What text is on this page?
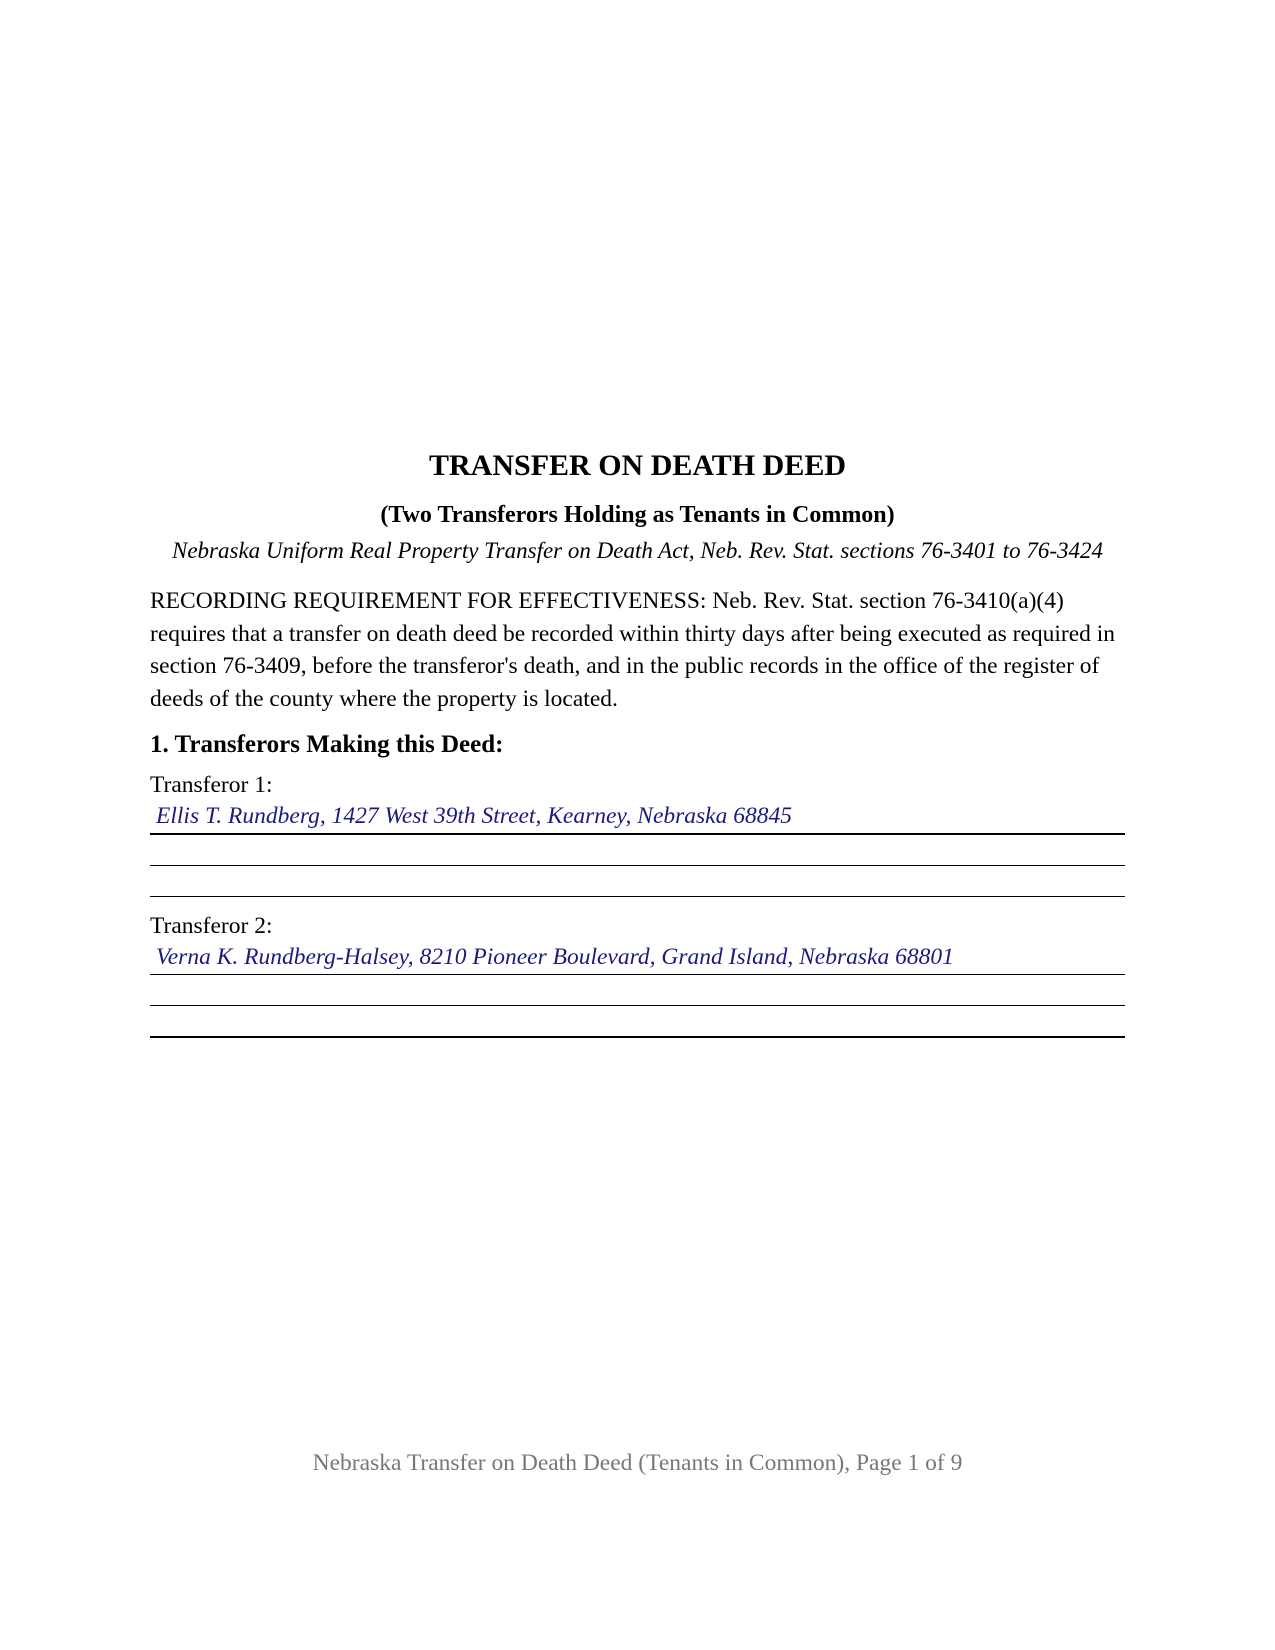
TRANSFER ON DEATH DEED
(Two Transferors Holding as Tenants in Common)
Nebraska Uniform Real Property Transfer on Death Act, Neb. Rev. Stat. sections 76-3401 to 76-3424
RECORDING REQUIREMENT FOR EFFECTIVENESS: Neb. Rev. Stat. section 76-3410(a)(4) requires that a transfer on death deed be recorded within thirty days after being executed as required in section 76-3409, before the transferor's death, and in the public records in the office of the register of deeds of the county where the property is located.
1. Transferors Making this Deed:
Transferor 1:
Ellis T. Rundberg, 1427 West 39th Street, Kearney, Nebraska 68845
Transferor 2:
Verna K. Rundberg-Halsey, 8210 Pioneer Boulevard, Grand Island, Nebraska 68801
Nebraska Transfer on Death Deed (Tenants in Common), Page 1 of 9
